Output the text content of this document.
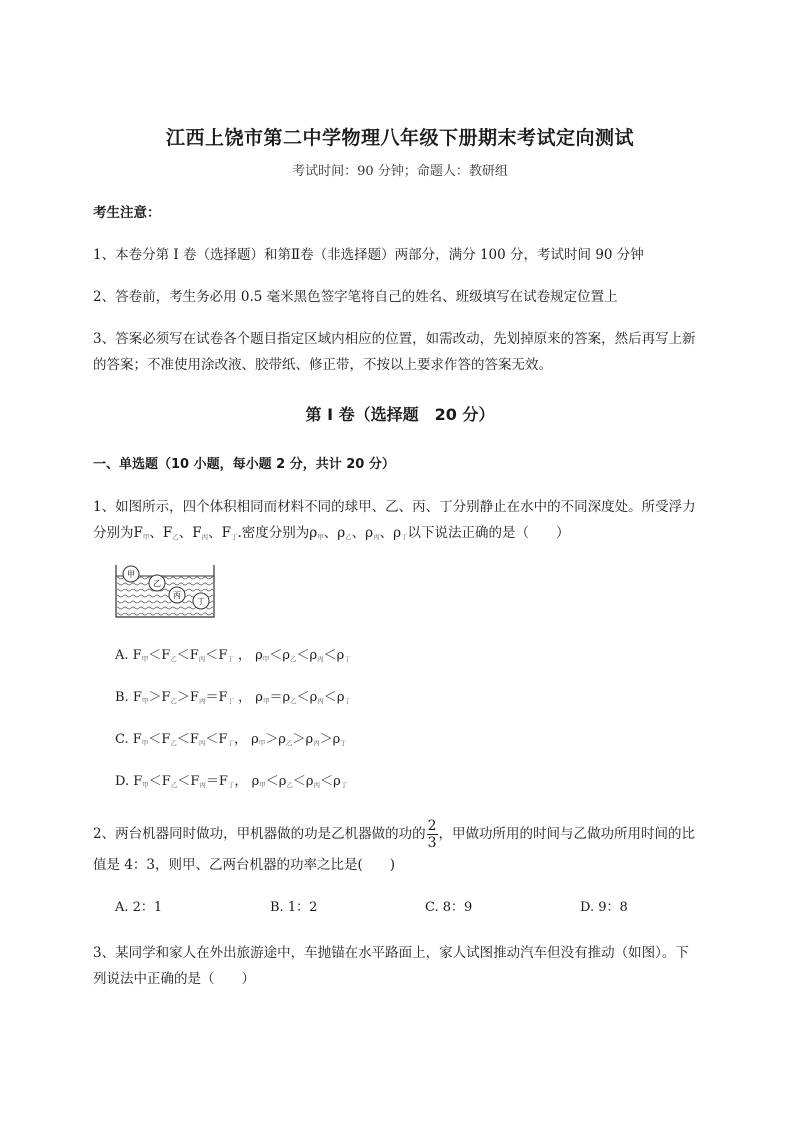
江西上饶市第二中学物理八年级下册期末考试定向测试
考试时间：90 分钟；命题人：教研组
考生注意：
1、本卷分第 I 卷（选择题）和第Ⅱ卷（非选择题）两部分，满分 100 分，考试时间 90 分钟
2、答卷前，考生务必用 0.5 毫米黑色签字笔将自己的姓名、班级填写在试卷规定位置上
3、答案必须写在试卷各个题目指定区域内相应的位置，如需改动，先划掉原来的答案，然后再写上新
的答案；不准使用涂改液、胶带纸、修正带，不按以上要求作答的答案无效。
第 I 卷（选择题　20 分）
一、单选题（10 小题，每小题 2 分，共计 20 分）
1、如图所示，四个体积相同而材料不同的球甲、乙、丙、丁分别静止在水中的不同深度处。所受浮力
分别为$F_甲$、$F_乙$、$F_丙$、$F_丁$.密度分别为$\rho_甲$、$\rho_乙$、$\rho_丙$、$\rho_丁$以下说法正确的是（　　）
甲
乙
丙
丁
A. $F_甲<F_乙<F_丙<F_丁$ ， $\rho_甲<\rho_乙<\rho_丙<\rho_丁$
B. $F_甲>F_乙>F_丙=F_丁$ ， $\rho_甲=\rho_乙<\rho_丙<\rho_丁$
C. $F_甲<F_乙<F_丙<F_丁$， $\rho_甲>\rho_乙>\rho_丙>\rho_丁$
D. $F_甲<F_乙<F_丙=F_丁$， $\rho_甲<\rho_乙<\rho_丙<\rho_丁$
2、两台机器同时做功，甲机器做的功是乙机器做的功的 $\frac{2}{3}$ ，甲做功所用的时间与乙做功所用时间的比
值是 4：3，则甲、乙两台机器的功率之比是(　　)
A. 2：1	B. 1：2	C. 8：9	D. 9：8
3、某同学和家人在外出旅游途中，车抛锚在水平路面上，家人试图推动汽车但没有推动（如图）。下
列说法中正确的是（　　）
